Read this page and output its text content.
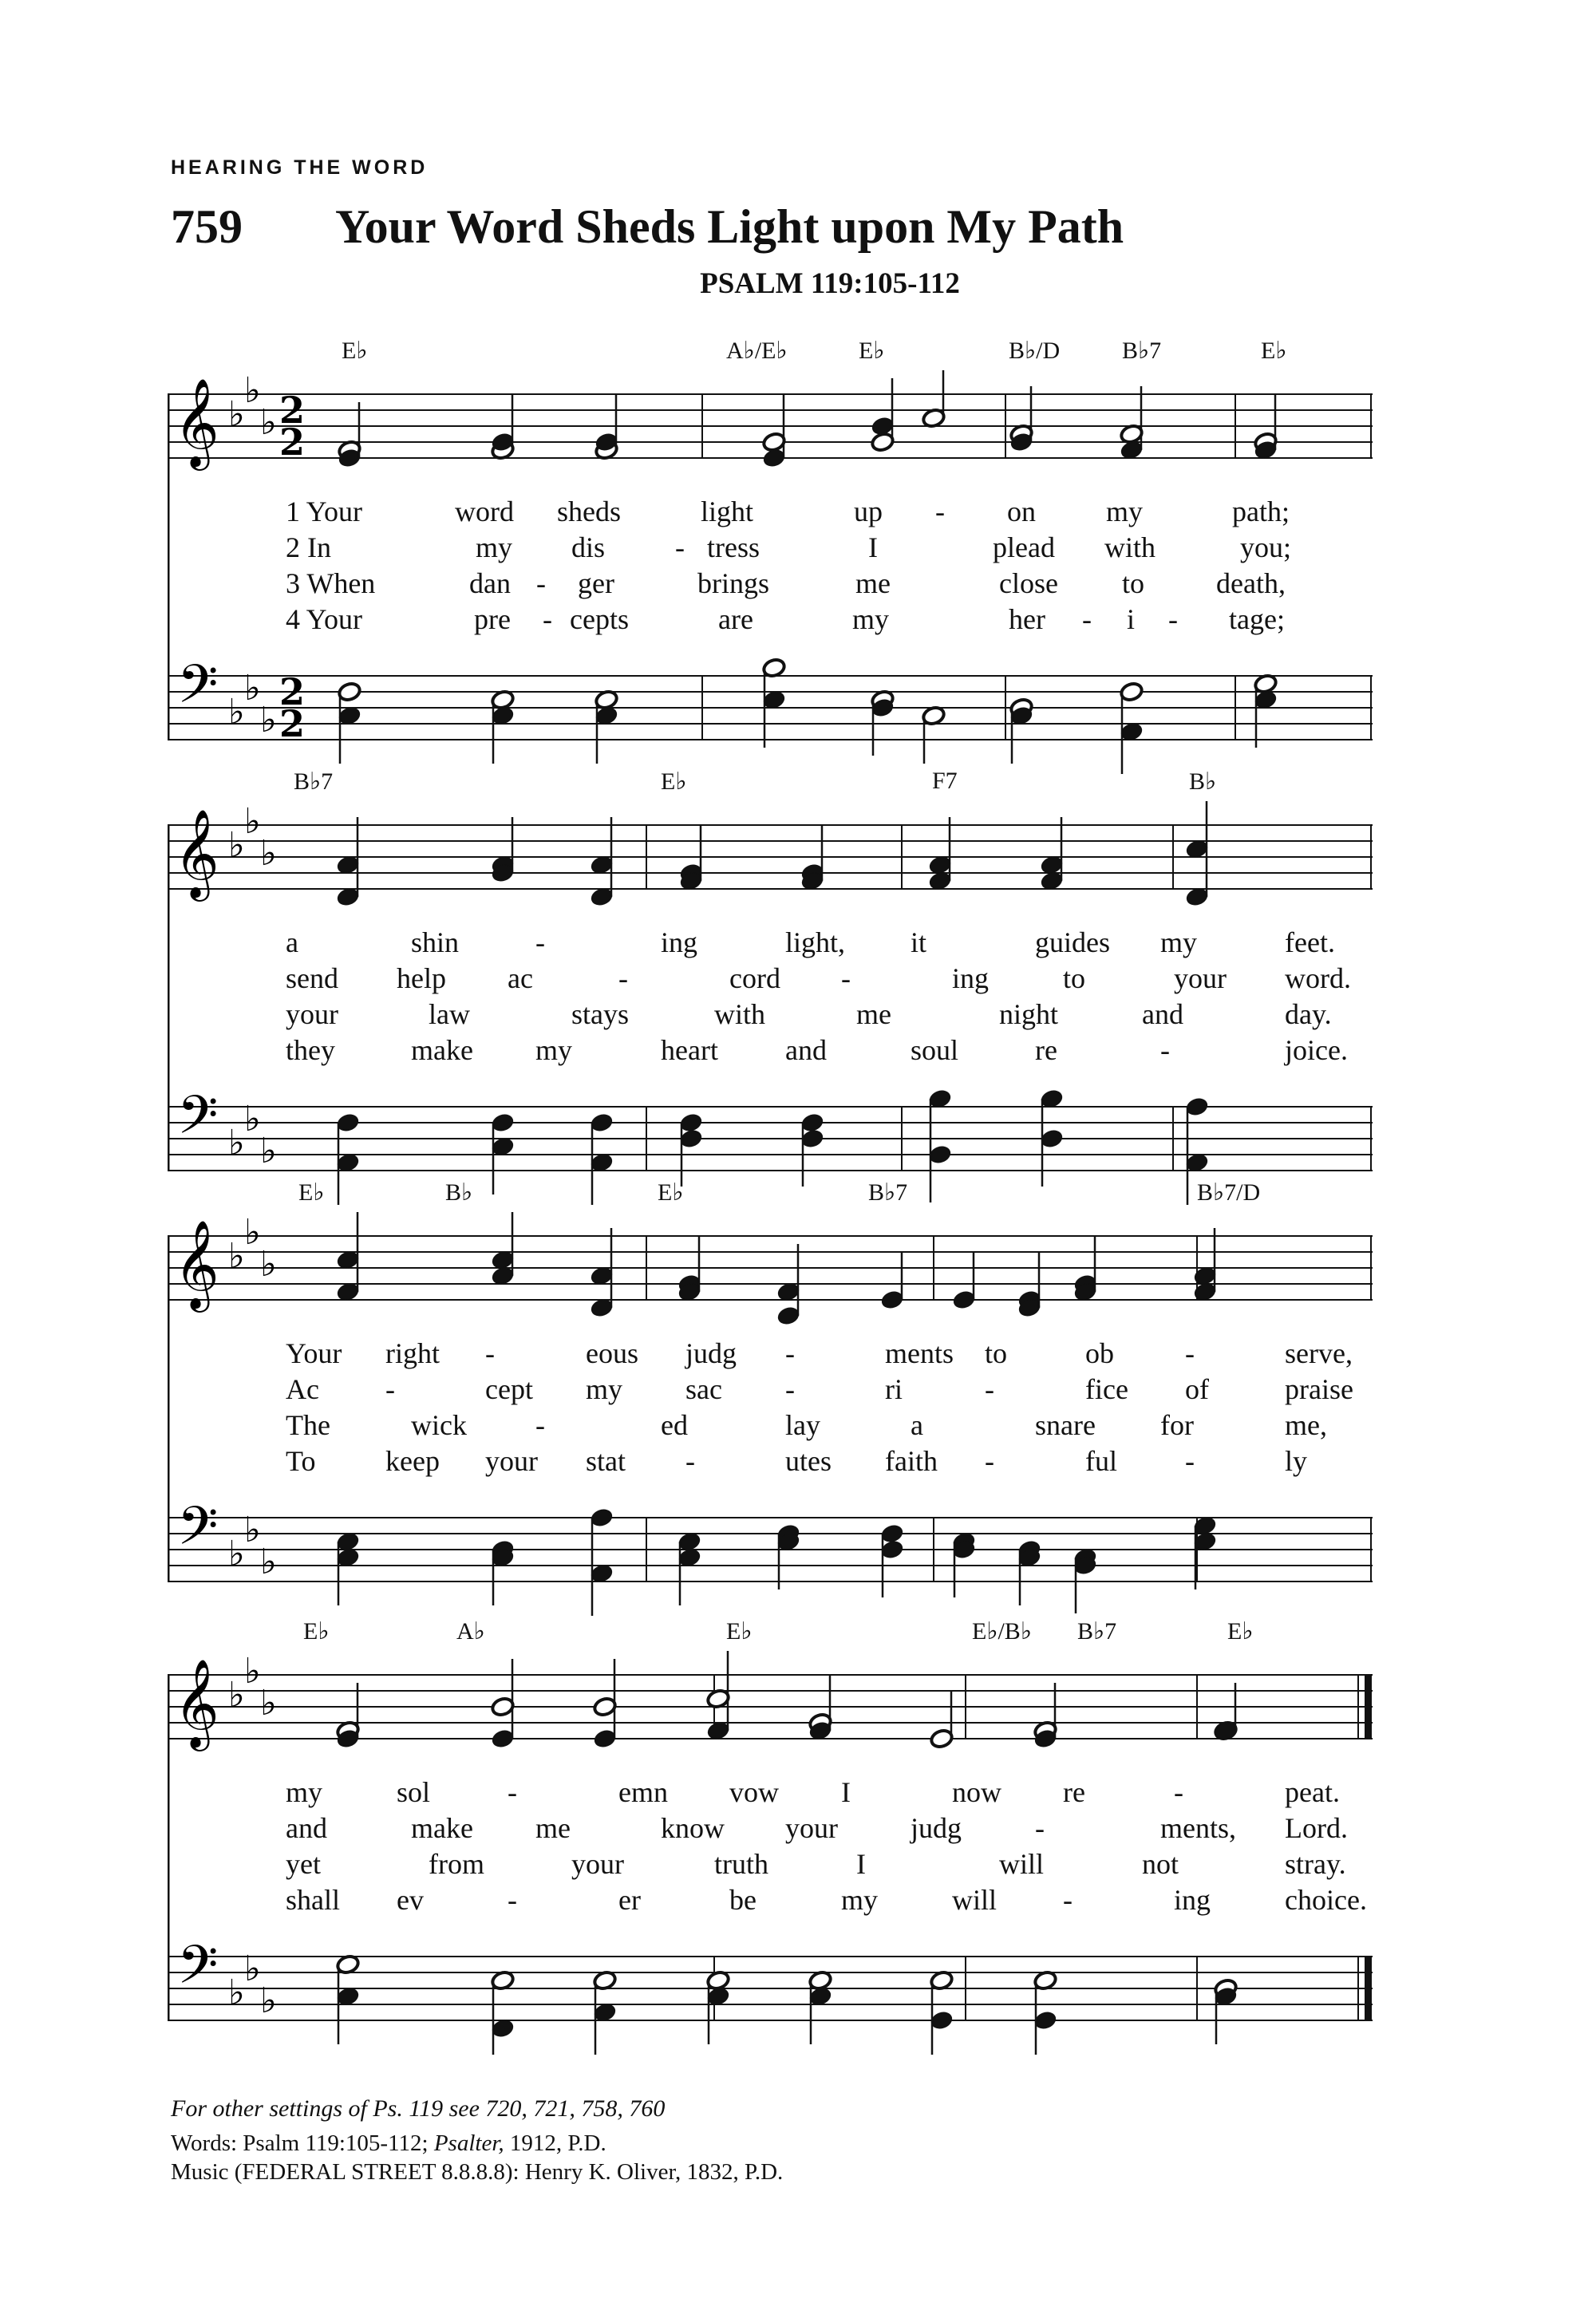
HEARING THE WORD
759 Your Word Sheds Light upon My Path
PSALM 119:105-112
𝄞
𝄢
♭
♭
♭
♭
♭
♭
2
2
2
2
E♭	A♭/E♭	E♭	B♭/D	B♭7	E♭
1 Your	word sheds	light	up - on my	path;
2 In	my dis - tress	I	plead with	you;
3 When	dan - ger	brings	me	close to death,
4 Your	pre - cepts	are	my	her - i - tage;
𝄞
𝄢
♭
♭
♭
♭
♭
♭
B♭7	E♭	F7	B♭
a	shin	-	ing	light, it	guides my	feet.
send help ac	-	cord -	ing	to	your word.
your	law	stays	with	me	night	and	day.
they	make my	heart and	soul	re	-	joice.
𝄞
𝄢
♭
♭
♭
♭
♭
♭
E♭	B♭	E♭	B♭7	B♭7/D
Your right -	eous judg -	ments to	ob -	serve,
Ac -	cept my sac -	ri	-	fice of	praise
The	wick -	ed	lay	a	snare for	me,
To keep your stat -	utes faith -	ful -	ly
𝄞
𝄢
♭
♭
♭
♭
♭
♭
E♭	A♭	E♭	E♭/B♭ B♭7	E♭
my	sol	-	emn vow I	now re	-	peat.
and	make me	know your	judg	-	ments, Lord.
yet	from	your	truth	I	will	not	stray.
shall ev	-	er	be	my	will -	ing	choice.
For other settings of Ps. 119 see 720, 721, 758, 760
Words: Psalm 119:105-112; Psalter, 1912, P.D.
Music (FEDERAL STREET 8.8.8.8): Henry K. Oliver, 1832, P.D.
